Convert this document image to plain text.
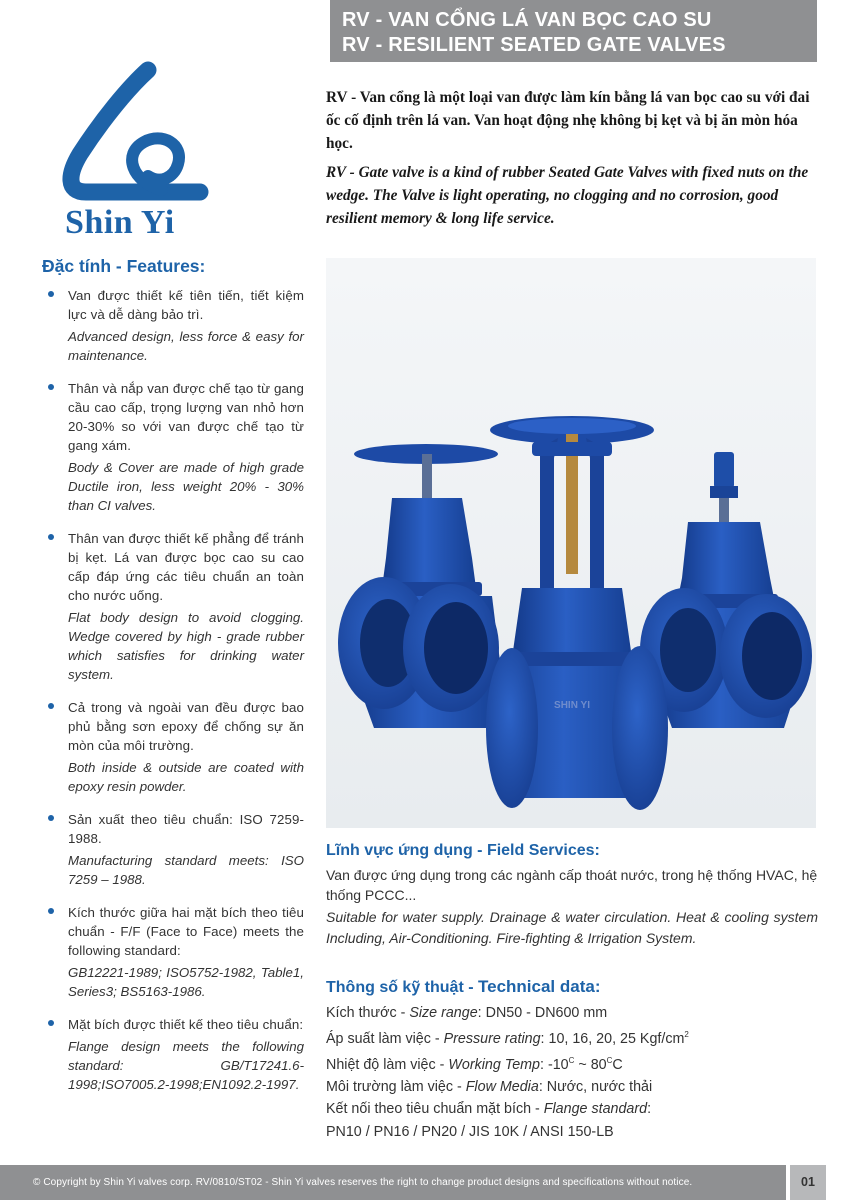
RV - VAN CỔNG LÁ VAN BỌC CAO SU
RV - RESILIENT SEATED GATE VALVES
Shin Yi

RV - Van cổng là một loại van được làm kín bằng lá van bọc cao su với đai ốc cố định trên lá van. Van hoạt động nhẹ không bị kẹt và bị ăn mòn hóa học.

RV - Gate valve is a kind of rubber Seated Gate Valves with fixed nuts on the wedge. The Valve is light operating, no clogging and no corrosion, good resilient memory & long life service.

Đặc tính - Features:
Van được thiết kế tiên tiến, tiết kiệm lực và dễ dàng bảo trì.
Advanced design, less force & easy for maintenance.
Thân và nắp van được chế tạo từ gang cầu cao cấp, trọng lượng van nhỏ hơn 20-30% so với van được chế tạo từ gang xám.
Body & Cover are made of high grade Ductile iron, less weight 20% - 30% than CI valves.
Thân van được thiết kế phẳng để tránh bị kẹt. Lá van được bọc cao su cao cấp đáp ứng các tiêu chuẩn an toàn cho nước uống.
Flat body design to avoid clogging. Wedge covered by high - grade rubber which satisfies for drinking water system.
Cả trong và ngoài van đều được bao phủ bằng sơn epoxy để chống sự ăn mòn của môi trường.
Both inside & outside are coated with epoxy resin powder.
Sản xuất theo tiêu chuẩn: ISO 7259-1988.
Manufacturing standard meets: ISO 7259 – 1988.
Kích thước giữa hai mặt bích theo tiêu chuẩn - F/F (Face to Face) meets the following standard:
GB12221-1989; ISO5752-1982, Table1, Series3; BS5163-1986.
Mặt bích được thiết kế theo tiêu chuẩn:
Flange design meets the following standard: GB/T17241.6-1998;ISO7005.2-1998;EN1092.2-1997.
SHIN YI
Lĩnh vực ứng dụng - Field Services:
Van được ứng dụng trong các ngành cấp thoát nước, trong hệ thống HVAC, hệ thống PCCC...
Suitable for water supply. Drainage & water circulation. Heat & cooling system Including, Air-Conditioning. Fire-fighting & Irrigation System.
Thông số kỹ thuật - Technical data:
Kích thước - Size range: DN50 - DN600 mm
Áp suất làm việc - Pressure rating: 10, 16, 20, 25 Kgf/$cm^2$
Nhiệt độ làm việc - Working Temp: $-10^C$ ~ $80^CC$
Môi trường làm việc - Flow Media: Nước, nước thải
Kết nối theo tiêu chuẩn mặt bích - Flange standard:
PN10 / PN16 / PN20 / JIS 10K / ANSI 150-LB
© Copyright by Shin Yi valves corp. RV/0810/ST02 - Shin Yi valves reserves the right to change product designs and specifications without notice.	01
